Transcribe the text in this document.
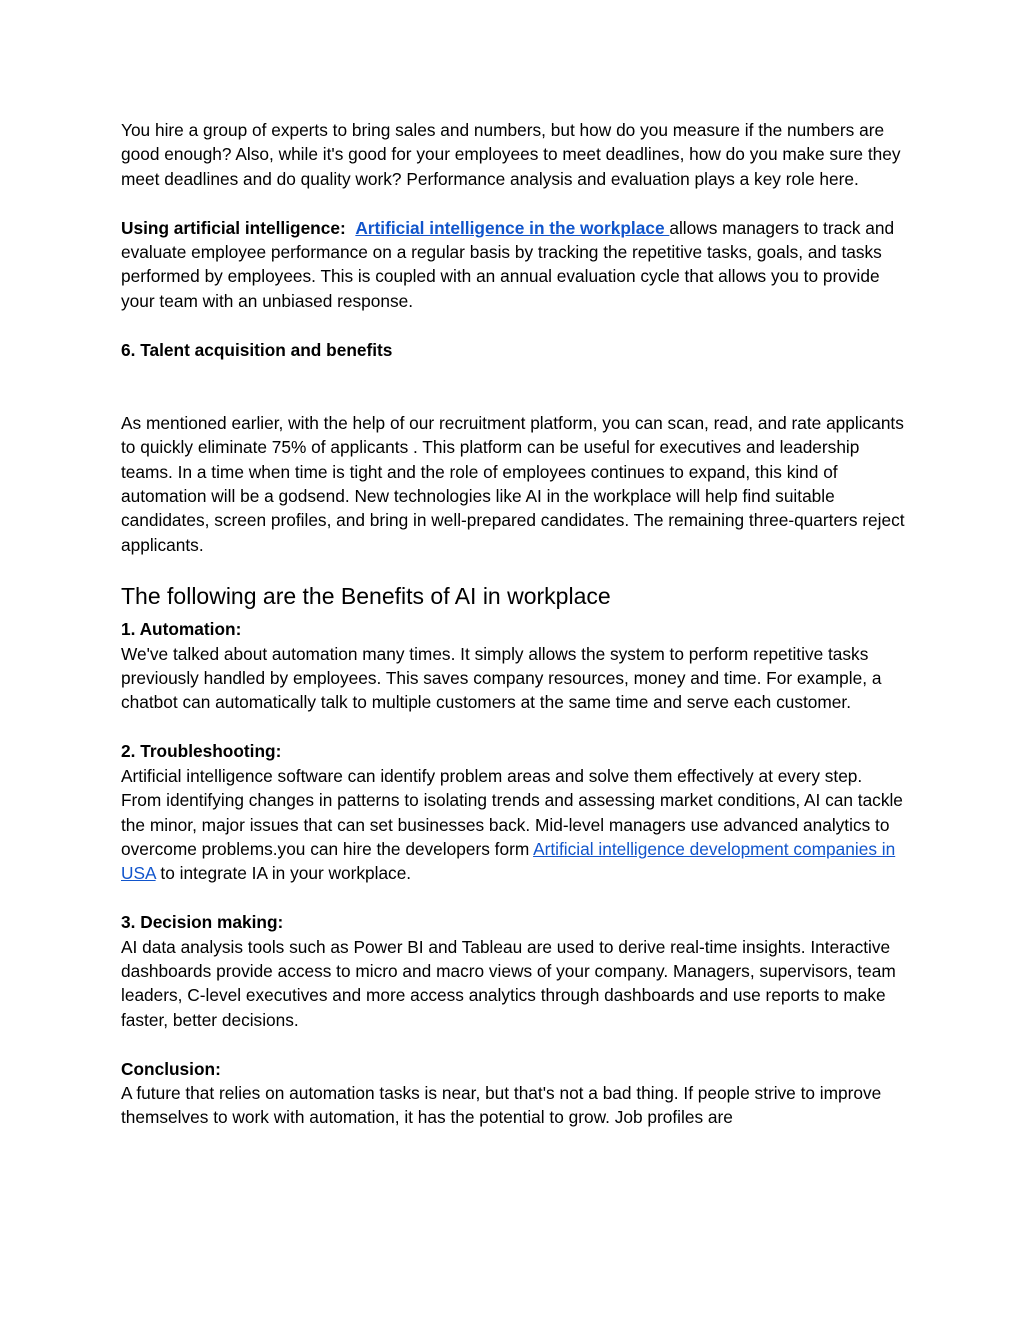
You hire a group of experts to bring sales and numbers, but how do you measure if the numbers are good enough? Also, while it's good for your employees to meet deadlines, how do you make sure they meet deadlines and do quality work? Performance analysis and evaluation plays a key role here.

Using artificial intelligence: Artificial intelligence in the workplace allows managers to track and evaluate employee performance on a regular basis by tracking the repetitive tasks, goals, and tasks performed by employees. This is coupled with an annual evaluation cycle that allows you to provide your team with an unbiased response.

6. Talent acquisition and benefits

As mentioned earlier, with the help of our recruitment platform, you can scan, read, and rate applicants to quickly eliminate 75% of applicants . This platform can be useful for executives and leadership teams. In a time when time is tight and the role of employees continues to expand, this kind of automation will be a godsend. New technologies like AI in the workplace will help find suitable candidates, screen profiles, and bring in well-prepared candidates. The remaining three-quarters reject applicants.

The following are the Benefits of AI in workplace

1. Automation:

We've talked about automation many times. It simply allows the system to perform repetitive tasks previously handled by employees. This saves company resources, money and time. For example, a chatbot can automatically talk to multiple customers at the same time and serve each customer.

2. Troubleshooting:

Artificial intelligence software can identify problem areas and solve them effectively at every step. From identifying changes in patterns to isolating trends and assessing market conditions, AI can tackle the minor, major issues that can set businesses back. Mid-level managers use advanced analytics to overcome problems.you can hire the developers form Artificial intelligence development companies in USA to integrate IA in your workplace.

3. Decision making:

AI data analysis tools such as Power BI and Tableau are used to derive real-time insights. Interactive dashboards provide access to micro and macro views of your company. Managers, supervisors, team leaders, C-level executives and more access analytics through dashboards and use reports to make faster, better decisions.

Conclusion:

A future that relies on automation tasks is near, but that's not a bad thing. If people strive to improve themselves to work with automation, it has the potential to grow. Job profiles are
